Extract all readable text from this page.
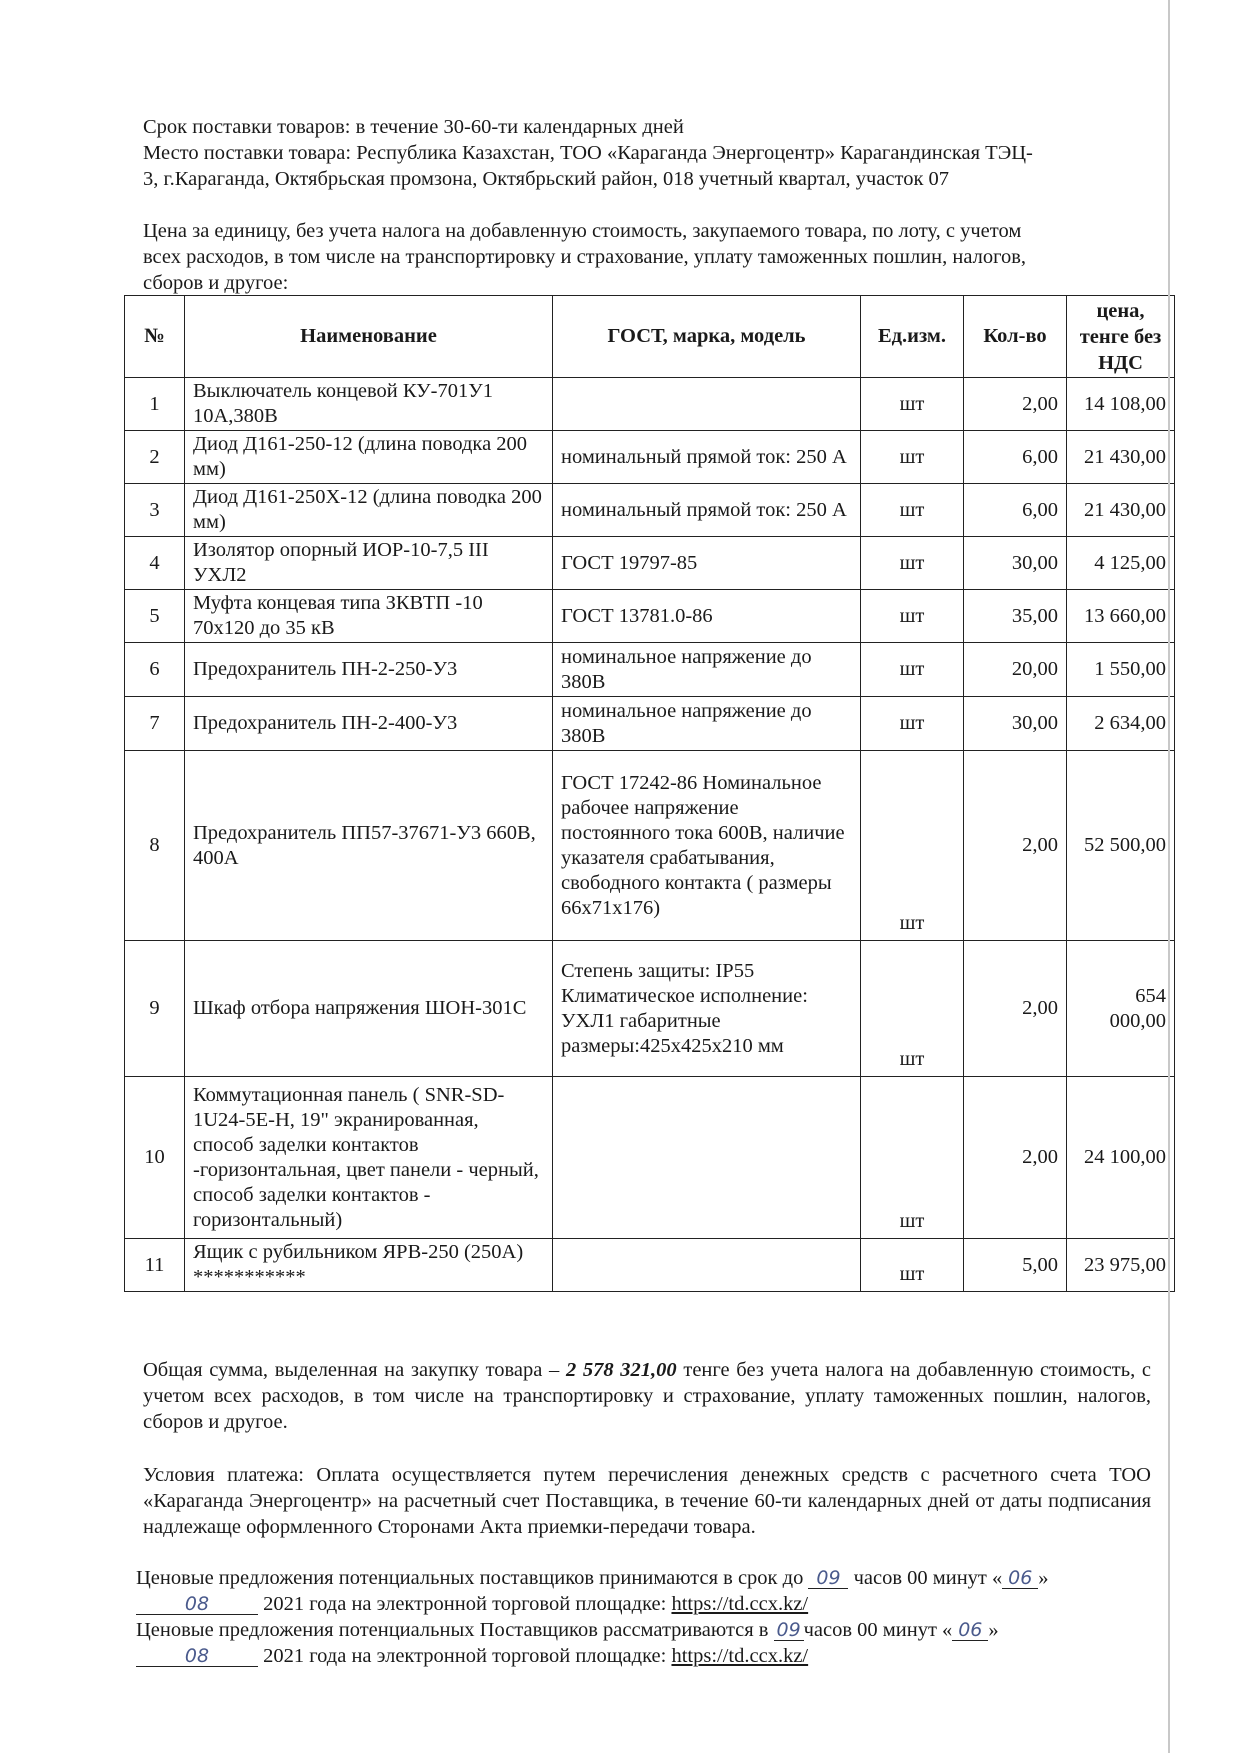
Срок поставки товаров: в течение 30-60-ти календарных дней
Место поставки товара: Республика Казахстан, ТОО «Караганда Энергоцентр» Карагандинская ТЭЦ-
3, г.Караганда, Октябрьская промзона, Октябрьский район, 018 учетный квартал, участок 07
Цена за единицу, без учета налога на добавленную стоимость, закупаемого товара, по лоту, с учетом
всех расходов, в том числе на транспортировку и страхование, уплату таможенных пошлин, налогов,
сборов и другое:
№	Наименование	ГОСТ, марка, модель	Ед.изм.	Кол-во	цена, тенге без НДС
1	Выключатель концевой КУ-701У1 10А,380В		шт	2,00	14 108,00
2	Диод Д161-250-12 (длина поводка 200 мм)	номинальный прямой ток: 250 А	шт	6,00	21 430,00
3	Диод Д161-250Х-12 (длина поводка 200 мм)	номинальный прямой ток: 250 А	шт	6,00	21 430,00
4	Изолятор опорный ИОР-10-7,5 III УХЛ2	ГОСТ 19797-85	шт	30,00	4 125,00
5	Муфта концевая типа ЗКВТП -10 70х120 до 35 кВ	ГОСТ 13781.0-86	шт	35,00	13 660,00
6	Предохранитель ПН-2-250-У3	номинальное напряжение до 380В	шт	20,00	1 550,00
7	Предохранитель ПН-2-400-У3	номинальное напряжение до 380В	шт	30,00	2 634,00
8	Предохранитель ПП57-37671-У3 660В, 400А	ГОСТ 17242-86 Номинальное рабочее напряжение постоянного тока 600В, наличие указателя срабатывания, свободного контакта ( размеры 66х71х176)	шт	2,00	52 500,00
9	Шкаф отбора напряжения ШОН-301С	Степень защиты: IP55 Климатическое исполнение: УХЛ1 габаритные размеры:425х425х210 мм	шт	2,00	654 000,00
10	Коммутационная панель ( SNR-SD-1U24-5E-H, 19" экранированная, способ заделки контактов -горизонтальная, цвет панели - черный, способ заделки контактов - горизонтальный)		шт	2,00	24 100,00
11	Ящик с рубильником ЯРВ-250 (250А) ***********		шт	5,00	23 975,00
Общая сумма, выделенная на закупку товара – 2 578 321,00 тенге без учета налога на добавленную стоимость, с учетом всех расходов, в том числе на транспортировку и страхование, уплату таможенных пошлин, налогов, сборов и другое.
Условия платежа: Оплата осуществляется путем перечисления денежных средств с расчетного счета ТОО «Караганда Энергоцентр» на расчетный счет Поставщика, в течение 60-ти календарных дней от даты подписания надлежаще оформленного Сторонами Акта приемки-передачи товара.
Ценовые предложения потенциальных поставщиков принимаются в срок до 09 часов 00 минут « 06 »
08	2021 года на электронной торговой площадке: https://td.ccx.kz/
Ценовые предложения потенциальных Поставщиков рассматриваются в 09 часов 00 минут « 06 »
08	2021 года на электронной торговой площадке: https://td.ccx.kz/
